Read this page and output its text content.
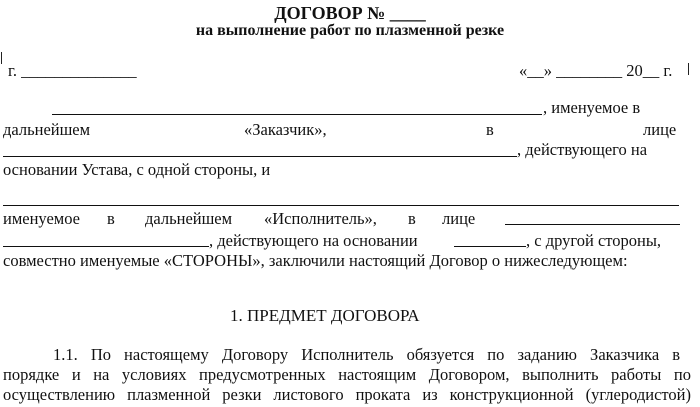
ДОГОВОР № ____
на выполнение работ по плазменной резке
г. ______________	«__» ________ 20__ г.
, именуемое в
дальнейшем	«Заказчик»,	в	лице
, действующего на
основании Устава, с одной стороны, и
именуемое в дальнейшем «Исполнитель», в лице
, действующего на основании	, с другой стороны,
совместно именуемые «СТОРОНЫ», заключили настоящий Договор о нижеследующем:
1. ПРЕДМЕТ ДОГОВОРА
1.1. По настоящему Договору Исполнитель обязуется по заданию Заказчика в
порядке и на условиях предусмотренных настоящим Договором, выполнить работы по
осуществлению плазменной резки листового проката из конструкционной (углеродистой)
